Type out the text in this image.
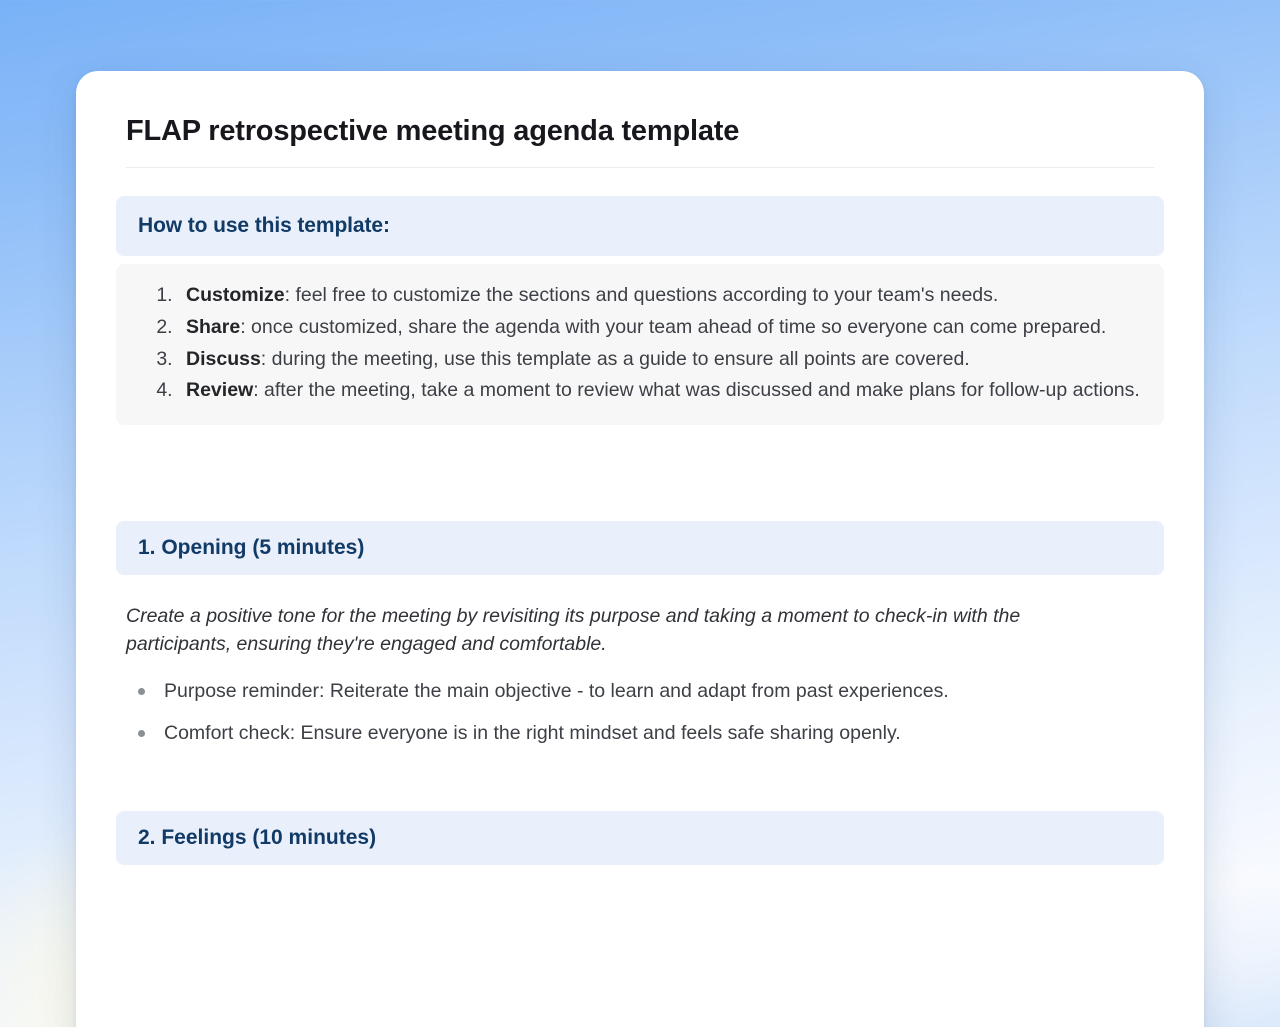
FLAP retrospective meeting agenda template
How to use this template:
1. Customize: feel free to customize the sections and questions according to your team's needs.
2. Share: once customized, share the agenda with your team ahead of time so everyone can come prepared.
3. Discuss: during the meeting, use this template as a guide to ensure all points are covered.
4. Review: after the meeting, take a moment to review what was discussed and make plans for follow-up actions.
1. Opening (5 minutes)

Create a positive tone for the meeting by revisiting its purpose and taking a moment to check-in with the participants, ensuring they're engaged and comfortable.

Purpose reminder: Reiterate the main objective - to learn and adapt from past experiences.
Comfort check: Ensure everyone is in the right mindset and feels safe sharing openly.
2. Feelings (10 minutes)
